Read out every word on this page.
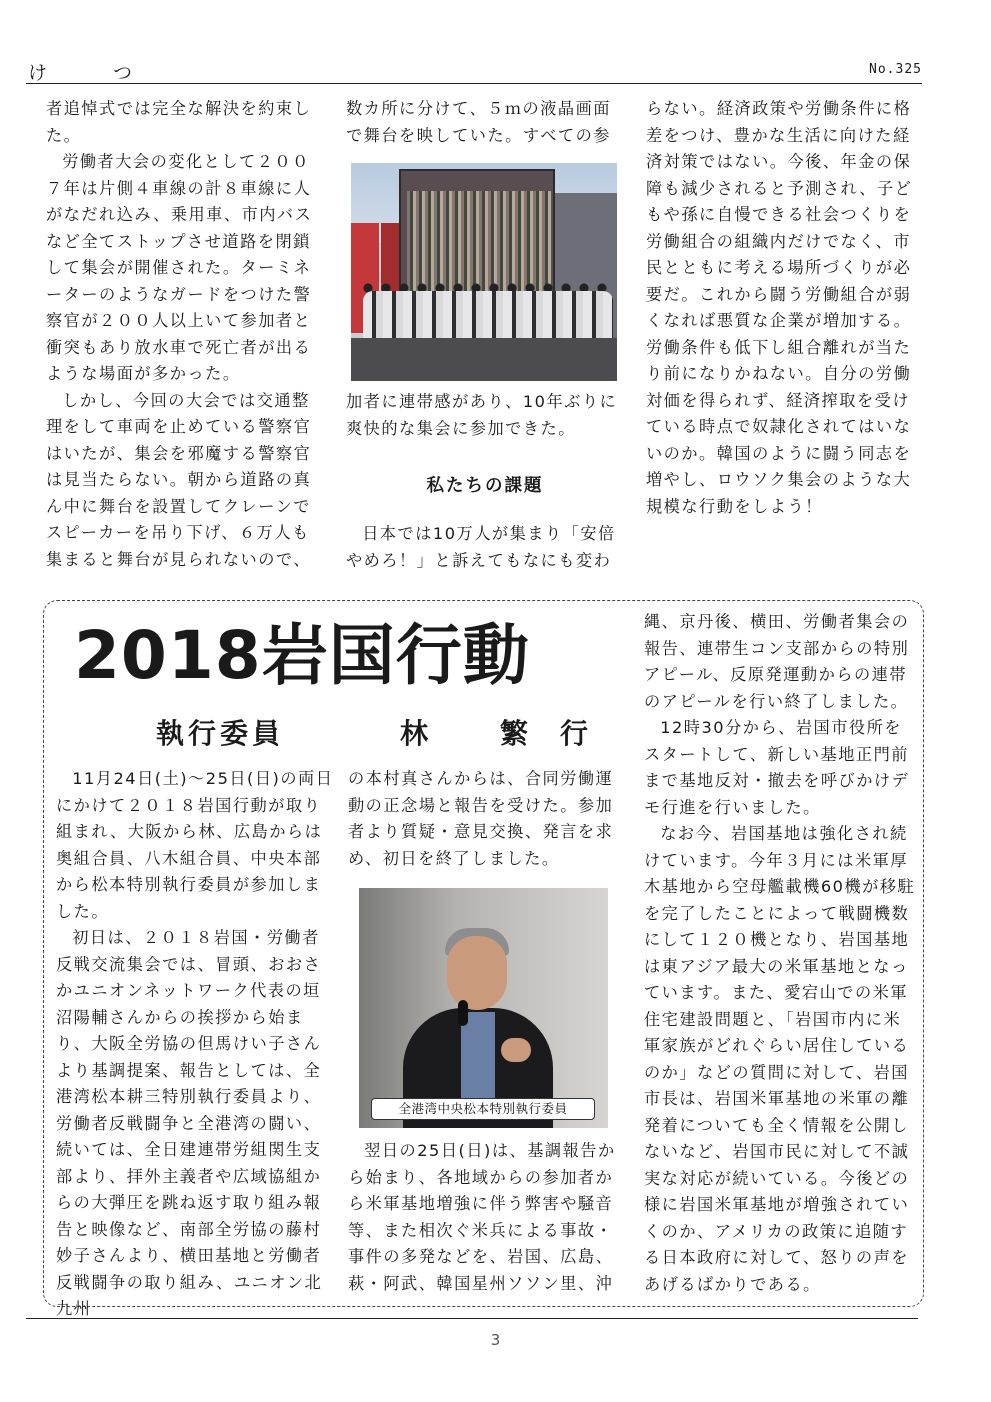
け	つ	No.325

者追悼式では完全な解決を約束した。

労働者大会の変化として２００７年は片側４車線の計８車線に人がなだれ込み、乗用車、市内バスなど全てストップさせ道路を閉鎖して集会が開催された。ターミネーターのようなガードをつけた警察官が２００人以上いて参加者と衝突もあり放水車で死亡者が出るような場面が多かった。

しかし、今回の大会では交通整理をして車両を止めている警察官はいたが、集会を邪魔する警察官は見当たらない。朝から道路の真ん中に舞台を設置してクレーンでスピーカーを吊り下げ、６万人も集まると舞台が見られないので、

数カ所に分けて、５ｍの液晶画面で舞台を映していた。すべての参

加者に連帯感があり、10年ぶりに爽快的な集会に参加できた。

私たちの課題

日本では10万人が集まり「安倍やめろ！」と訴えてもなにも変わ

らない。経済政策や労働条件に格差をつけ、豊かな生活に向けた経済対策ではない。今後、年金の保障も減少されると予測され、子どもや孫に自慢できる社会つくりを労働組合の組織内だけでなく、市民とともに考える場所づくりが必要だ。これから闘う労働組合が弱くなれば悪質な企業が増加する。労働条件も低下し組合離れが当たり前になりかねない。自分の労働対価を得られず、経済搾取を受けている時点で奴隷化されてはいないのか。韓国のように闘う同志を増やし、ロウソク集会のような大規模な行動をしよう！

2018岩国行動
執行委員	林 繁 行

11月24日(土)～25日(日)の両日にかけて２０１８岩国行動が取り組まれ、大阪から林、広島からは奥組合員、八木組合員、中央本部から松本特別執行委員が参加しました。

初日は、２０１８岩国・労働者反戦交流集会では、冒頭、おおさかユニオンネットワーク代表の垣沼陽輔さんからの挨拶から始まり、大阪全労協の但馬けい子さんより基調提案、報告としては、全港湾松本耕三特別執行委員より、労働者反戦闘争と全港湾の闘い、続いては、全日建連帯労組関生支部より、拝外主義者や広域協組からの大弾圧を跳ね返す取り組み報告と映像など、南部全労協の藤村妙子さんより、横田基地と労働者反戦闘争の取り組み、ユニオン北九州

の本村真さんからは、合同労働運動の正念場と報告を受けた。参加者より質疑・意見交換、発言を求め、初日を終了しました。

全港湾中央松本特別執行委員

翌日の25日(日)は、基調報告から始まり、各地域からの参加者から米軍基地増強に伴う弊害や騒音等、また相次ぐ米兵による事故・事件の多発などを、岩国、広島、萩・阿武、韓国星州ソソン里、沖

縄、京丹後、横田、労働者集会の報告、連帯生コン支部からの特別アピール、反原発運動からの連帯のアピールを行い終了しました。

12時30分から、岩国市役所をスタートして、新しい基地正門前まで基地反対・撤去を呼びかけデモ行進を行いました。

なお今、岩国基地は強化され続けています。今年３月には米軍厚木基地から空母艦載機60機が移駐を完了したことによって戦闘機数にして１２０機となり、岩国基地は東アジア最大の米軍基地となっています。また、愛宕山での米軍住宅建設問題と、「岩国市内に米軍家族がどれぐらい居住しているのか」などの質問に対して、岩国市長は、岩国米軍基地の米軍の離発着についても全く情報を公開しないなど、岩国市民に対して不誠実な対応が続いている。今後どの様に岩国米軍基地が増強されていくのか、アメリカの政策に追随する日本政府に対して、怒りの声をあげるばかりである。

3
